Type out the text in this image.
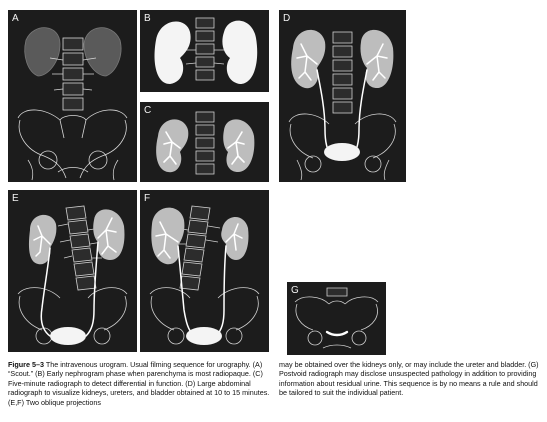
A	B
C
D
E	F
G
Figure 5–3 The intravenous urogram. Usual filming sequence for urography. (A) “Scout.” (B) Early nephrogram phase when parenchyma is most radiopaque. (C) Five-minute radiograph to detect differential in function. (D) Large abdominal radiograph to visualize kidneys, ureters, and bladder obtained at 10 to 15 minutes. (E,F) Two oblique projections
may be obtained over the kidneys only, or may include the ureter and bladder. (G) Postvoid radiograph may disclose unsuspected pathology in addition to providing information about residual urine. This sequence is by no means a rule and should be tailored to suit the individual patient.
